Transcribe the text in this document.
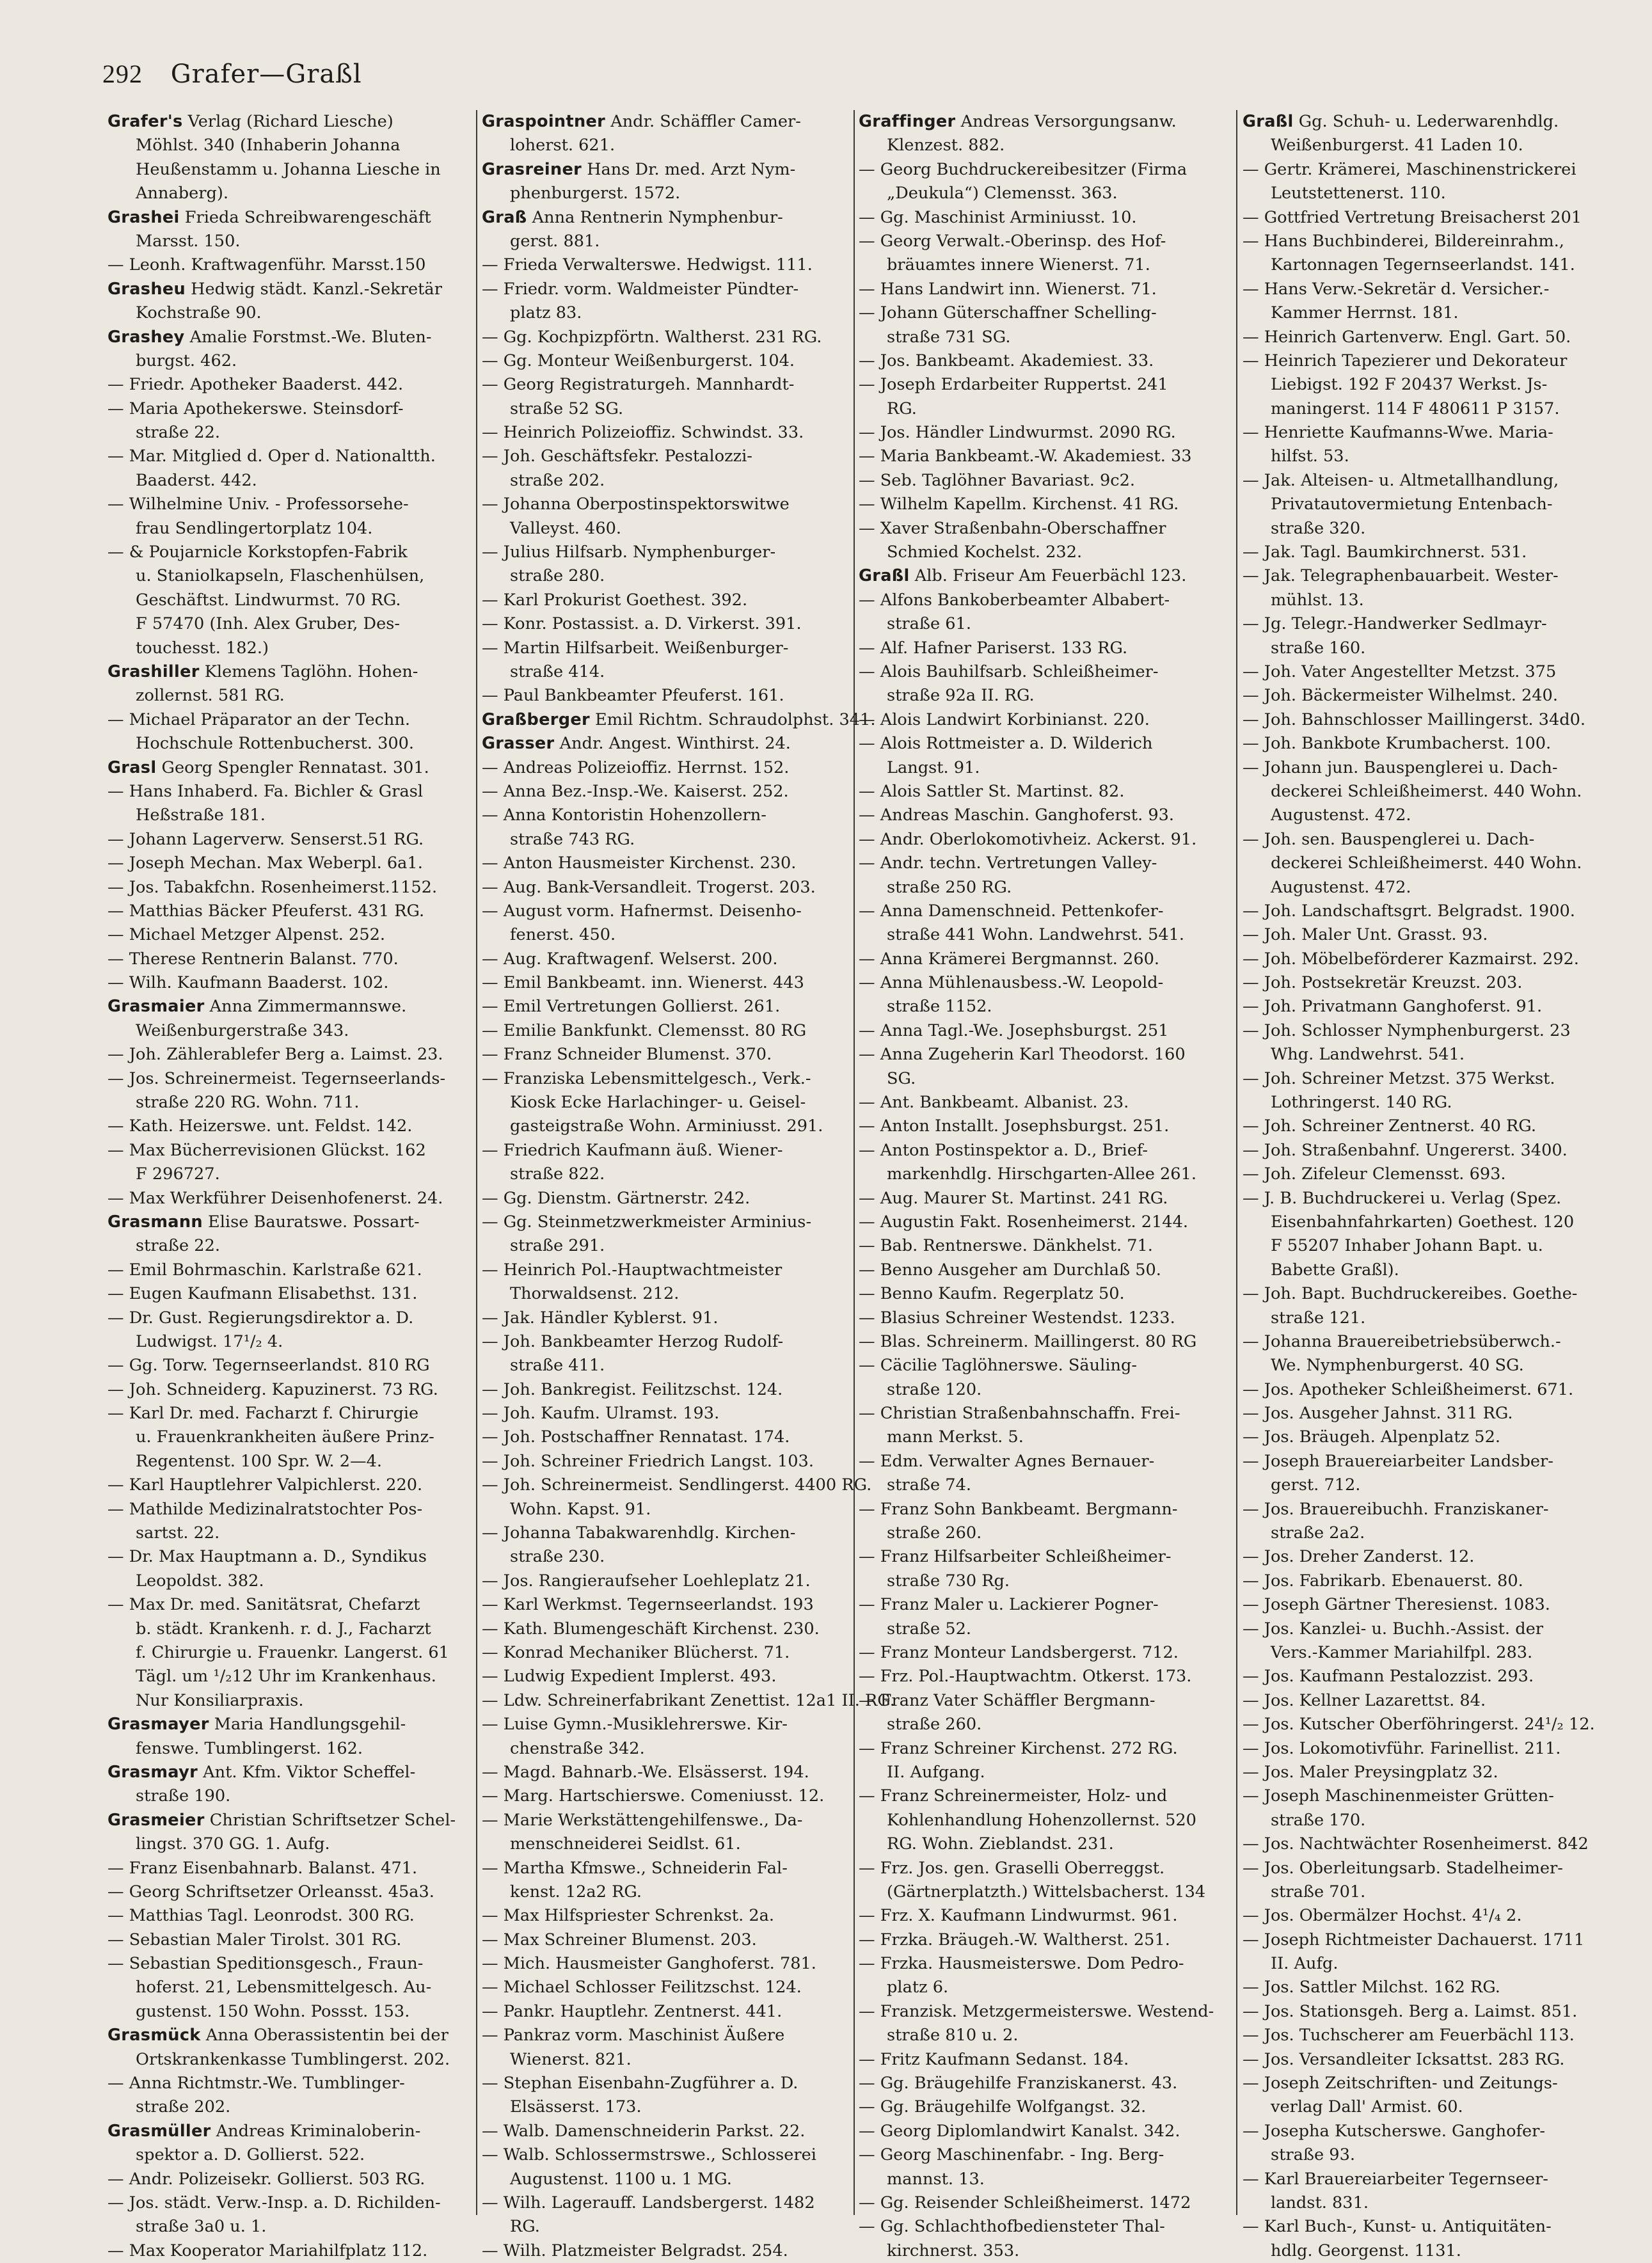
292 Grafer—Graßl
Grafer's Verlag (Richard Liesche)
Möhlst. 340 (Inhaberin Johanna
Heußenstamm u. Johanna Liesche in
Annaberg).
Grashei Frieda Schreibwarengeschäft
Marsst. 150.
— Leonh. Kraftwagenführ. Marsst.150
Grasheu Hedwig städt. Kanzl.-Sekretär
Kochstraße 90.
Grashey Amalie Forstmst.-We. Bluten-
burgst. 462.
— Friedr. Apotheker Baaderst. 442.
— Maria Apothekerswe. Steinsdorf-
straße 22.
— Mar. Mitglied d. Oper d. Nationaltth.
Baaderst. 442.
— Wilhelmine Univ. - Professorsehe-
frau Sendlingertorplatz 104.
— & Poujarnicle Korkstopfen-Fabrik
u. Staniolkapseln, Flaschenhülsen,
Geschäftst. Lindwurmst. 70 RG.
F 57470 (Inh. Alex Gruber, Des-
touchesst. 182.)
Grashiller Klemens Taglöhn. Hohen-
zollernst. 581 RG.
— Michael Präparator an der Techn.
Hochschule Rottenbucherst. 300.
Grasl Georg Spengler Rennatast. 301.
— Hans Inhaberd. Fa. Bichler & Grasl
Heßstraße 181.
— Johann Lagerverw. Senserst.51 RG.
— Joseph Mechan. Max Weberpl. 6a1.
— Jos. Tabakfchn. Rosenheimerst.1152.
— Matthias Bäcker Pfeuferst. 431 RG.
— Michael Metzger Alpenst. 252.
— Therese Rentnerin Balanst. 770.
— Wilh. Kaufmann Baaderst. 102.
Grasmaier Anna Zimmermannswe.
Weißenburgerstraße 343.
— Joh. Zählerablefer Berg a. Laimst. 23.
— Jos. Schreinermeist. Tegernseerlands-
straße 220 RG. Wohn. 711.
— Kath. Heizerswe. unt. Feldst. 142.
— Max Bücherrevisionen Glückst. 162
F 296727.
— Max Werkführer Deisenhofenerst. 24.
Grasmann Elise Bauratswe. Possart-
straße 22.
— Emil Bohrmaschin. Karlstraße 621.
— Eugen Kaufmann Elisabethst. 131.
— Dr. Gust. Regierungsdirektor a. D.
Ludwigst. 17¹/₂ 4.
— Gg. Torw. Tegernseerlandst. 810 RG
— Joh. Schneiderg. Kapuzinerst. 73 RG.
— Karl Dr. med. Facharzt f. Chirurgie
u. Frauenkrankheiten äußere Prinz-
Regentenst. 100 Spr. W. 2—4.
— Karl Hauptlehrer Valpichlerst. 220.
— Mathilde Medizinalratstochter Pos-
sartst. 22.
— Dr. Max Hauptmann a. D., Syndikus
Leopoldst. 382.
— Max Dr. med. Sanitätsrat, Chefarzt
b. städt. Krankenh. r. d. J., Facharzt
f. Chirurgie u. Frauenkr. Langerst. 61
Tägl. um ¹/₂12 Uhr im Krankenhaus.
Nur Konsiliarpraxis.
Grasmayer Maria Handlungsgehil-
fenswe. Tumblingerst. 162.
Grasmayr Ant. Kfm. Viktor Scheffel-
straße 190.
Grasmeier Christian Schriftsetzer Schel-
lingst. 370 GG. 1. Aufg.
— Franz Eisenbahnarb. Balanst. 471.
— Georg Schriftsetzer Orleansst. 45a3.
— Matthias Tagl. Leonrodst. 300 RG.
— Sebastian Maler Tirolst. 301 RG.
— Sebastian Speditionsgesch., Fraun-
hoferst. 21, Lebensmittelgesch. Au-
gustenst. 150 Wohn. Possst. 153.
Grasmück Anna Oberassistentin bei der
Ortskrankenkasse Tumblingerst. 202.
— Anna Richtmstr.-We. Tumblinger-
straße 202.
Grasmüller Andreas Kriminaloberin-
spektor a. D. Gollierst. 522.
— Andr. Polizeisekr. Gollierst. 503 RG.
— Jos. städt. Verw.-Insp. a. D. Richilden-
straße 3a0 u. 1.
— Max Kooperator Mariahilfplatz 112.
Graspointner Andr. Schäffler Camer-
loherst. 621.
Grasreiner Hans Dr. med. Arzt Nym-
phenburgerst. 1572.
Graß Anna Rentnerin Nymphenbur-
gerst. 881.
— Frieda Verwalterswe. Hedwigst. 111.
— Friedr. vorm. Waldmeister Pündter-
platz 83.
— Gg. Kochpizpförtn. Waltherst. 231 RG.
— Gg. Monteur Weißenburgerst. 104.
— Georg Registraturgeh. Mannhardt-
straße 52 SG.
— Heinrich Polizeioffiz. Schwindst. 33.
— Joh. Geschäftsfekr. Pestalozzi-
straße 202.
— Johanna Oberpostinspektorswitwe
Valleyst. 460.
— Julius Hilfsarb. Nymphenburger-
straße 280.
— Karl Prokurist Goethest. 392.
— Konr. Postassist. a. D. Virkerst. 391.
— Martin Hilfsarbeit. Weißenburger-
straße 414.
— Paul Bankbeamter Pfeuferst. 161.
Graßberger Emil Richtm. Schraudolphst. 341.
Grasser Andr. Angest. Winthirst. 24.
— Andreas Polizeioffiz. Herrnst. 152.
— Anna Bez.-Insp.-We. Kaiserst. 252.
— Anna Kontoristin Hohenzollern-
straße 743 RG.
— Anton Hausmeister Kirchenst. 230.
— Aug. Bank-Versandleit. Trogerst. 203.
— August vorm. Hafnermst. Deisenho-
fenerst. 450.
— Aug. Kraftwagenf. Welserst. 200.
— Emil Bankbeamt. inn. Wienerst. 443
— Emil Vertretungen Gollierst. 261.
— Emilie Bankfunkt. Clemensst. 80 RG
— Franz Schneider Blumenst. 370.
— Franziska Lebensmittelgesch., Verk.-
Kiosk Ecke Harlachinger- u. Geisel-
gasteigstraße Wohn. Arminiusst. 291.
— Friedrich Kaufmann äuß. Wiener-
straße 822.
— Gg. Dienstm. Gärtnerstr. 242.
— Gg. Steinmetzwerkmeister Arminius-
straße 291.
— Heinrich Pol.-Hauptwachtmeister
Thorwaldsenst. 212.
— Jak. Händler Kyblerst. 91.
— Joh. Bankbeamter Herzog Rudolf-
straße 411.
— Joh. Bankregist. Feilitzschst. 124.
— Joh. Kaufm. Ulramst. 193.
— Joh. Postschaffner Rennatast. 174.
— Joh. Schreiner Friedrich Langst. 103.
— Joh. Schreinermeist. Sendlingerst. 4400 RG.
Wohn. Kapst. 91.
— Johanna Tabakwarenhdlg. Kirchen-
straße 230.
— Jos. Rangieraufseher Loehleplatz 21.
— Karl Werkmst. Tegernseerlandst. 193
— Kath. Blumengeschäft Kirchenst. 230.
— Konrad Mechaniker Blücherst. 71.
— Ludwig Expedient Implerst. 493.
— Ldw. Schreinerfabrikant Zenettist. 12a1 II. RG.
— Luise Gymn.-Musiklehrerswe. Kir-
chenstraße 342.
— Magd. Bahnarb.-We. Elsässerst. 194.
— Marg. Hartschierswe. Comeniusst. 12.
— Marie Werkstättengehilfenswe., Da-
menschneiderei Seidlst. 61.
— Martha Kfmswe., Schneiderin Fal-
kenst. 12a2 RG.
— Max Hilfspriester Schrenkst. 2a.
— Max Schreiner Blumenst. 203.
— Mich. Hausmeister Ganghoferst. 781.
— Michael Schlosser Feilitzschst. 124.
— Pankr. Hauptlehr. Zentnerst. 441.
— Pankraz vorm. Maschinist Äußere
Wienerst. 821.
— Stephan Eisenbahn-Zugführer a. D.
Elsässerst. 173.
— Walb. Damenschneiderin Parkst. 22.
— Walb. Schlossermstrswe., Schlosserei
Augustenst. 1100 u. 1 MG.
— Wilh. Lagerauff. Landsbergerst. 1482
RG.
— Wilh. Platzmeister Belgradst. 254.
Graffinger Andreas Versorgungsanw.
Klenzest. 882.
— Georg Buchdruckereibesitzer (Firma
„Deukula“) Clemensst. 363.
— Gg. Maschinist Arminiusst. 10.
— Georg Verwalt.-Oberinsp. des Hof-
bräuamtes innere Wienerst. 71.
— Hans Landwirt inn. Wienerst. 71.
— Johann Güterschaffner Schelling-
straße 731 SG.
— Jos. Bankbeamt. Akademiest. 33.
— Joseph Erdarbeiter Ruppertst. 241
RG.
— Jos. Händler Lindwurmst. 2090 RG.
— Maria Bankbeamt.-W. Akademiest. 33
— Seb. Taglöhner Bavariast. 9c2.
— Wilhelm Kapellm. Kirchenst. 41 RG.
— Xaver Straßenbahn-Oberschaffner
Schmied Kochelst. 232.
Graßl Alb. Friseur Am Feuerbächl 123.
— Alfons Bankoberbeamter Albabert-
straße 61.
— Alf. Hafner Pariserst. 133 RG.
— Alois Bauhilfsarb. Schleißheimer-
straße 92a II. RG.
— Alois Landwirt Korbinianst. 220.
— Alois Rottmeister a. D. Wilderich
Langst. 91.
— Alois Sattler St. Martinst. 82.
— Andreas Maschin. Ganghoferst. 93.
— Andr. Oberlokomotivheiz. Ackerst. 91.
— Andr. techn. Vertretungen Valley-
straße 250 RG.
— Anna Damenschneid. Pettenkofer-
straße 441 Wohn. Landwehrst. 541.
— Anna Krämerei Bergmannst. 260.
— Anna Mühlenausbess.-W. Leopold-
straße 1152.
— Anna Tagl.-We. Josephsburgst. 251
— Anna Zugeherin Karl Theodorst. 160
SG.
— Ant. Bankbeamt. Albanist. 23.
— Anton Installt. Josephsburgst. 251.
— Anton Postinspektor a. D., Brief-
markenhdlg. Hirschgarten-Allee 261.
— Aug. Maurer St. Martinst. 241 RG.
— Augustin Fakt. Rosenheimerst. 2144.
— Bab. Rentnerswe. Dänkhelst. 71.
— Benno Ausgeher am Durchlaß 50.
— Benno Kaufm. Regerplatz 50.
— Blasius Schreiner Westendst. 1233.
— Blas. Schreinerm. Maillingerst. 80 RG
— Cäcilie Taglöhnerswe. Säuling-
straße 120.
— Christian Straßenbahnschaffn. Frei-
mann Merkst. 5.
— Edm. Verwalter Agnes Bernauer-
straße 74.
— Franz Sohn Bankbeamt. Bergmann-
straße 260.
— Franz Hilfsarbeiter Schleißheimer-
straße 730 Rg.
— Franz Maler u. Lackierer Pogner-
straße 52.
— Franz Monteur Landsbergerst. 712.
— Frz. Pol.-Hauptwachtm. Otkerst. 173.
— Franz Vater Schäffler Bergmann-
straße 260.
— Franz Schreiner Kirchenst. 272 RG.
II. Aufgang.
— Franz Schreinermeister, Holz- und
Kohlenhandlung Hohenzollernst. 520
RG. Wohn. Zieblandst. 231.
— Frz. Jos. gen. Graselli Oberreggst.
(Gärtnerplatzth.) Wittelsbacherst. 134
— Frz. X. Kaufmann Lindwurmst. 961.
— Frzka. Bräugeh.-W. Waltherst. 251.
— Frzka. Hausmeisterswe. Dom Pedro-
platz 6.
— Franzisk. Metzgermeisterswe. Westend-
straße 810 u. 2.
— Fritz Kaufmann Sedanst. 184.
— Gg. Bräugehilfe Franziskanerst. 43.
— Gg. Bräugehilfe Wolfgangst. 32.
— Georg Diplomlandwirt Kanalst. 342.
— Georg Maschinenfabr. - Ing. Berg-
mannst. 13.
— Gg. Reisender Schleißheimerst. 1472
— Gg. Schlachthofbediensteter Thal-
kirchnerst. 353.
Graßl Gg. Schuh- u. Lederwarenhdlg.
Weißenburgerst. 41 Laden 10.
— Gertr. Krämerei, Maschinenstrickerei
Leutstettenerst. 110.
— Gottfried Vertretung Breisacherst 201
— Hans Buchbinderei, Bildereinrahm.,
Kartonnagen Tegernseerlandst. 141.
— Hans Verw.-Sekretär d. Versicher.-
Kammer Herrnst. 181.
— Heinrich Gartenverw. Engl. Gart. 50.
— Heinrich Tapezierer und Dekorateur
Liebigst. 192 F 20437 Werkst. Js-
maningerst. 114 F 480611 P 3157.
— Henriette Kaufmanns-Wwe. Maria-
hilfst. 53.
— Jak. Alteisen- u. Altmetallhandlung,
Privatautovermietung Entenbach-
straße 320.
— Jak. Tagl. Baumkirchnerst. 531.
— Jak. Telegraphenbauarbeit. Wester-
mühlst. 13.
— Jg. Telegr.-Handwerker Sedlmayr-
straße 160.
— Joh. Vater Angestellter Metzst. 375
— Joh. Bäckermeister Wilhelmst. 240.
— Joh. Bahnschlosser Maillingerst. 34d0.
— Joh. Bankbote Krumbacherst. 100.
— Johann jun. Bauspenglerei u. Dach-
deckerei Schleißheimerst. 440 Wohn.
Augustenst. 472.
— Joh. sen. Bauspenglerei u. Dach-
deckerei Schleißheimerst. 440 Wohn.
Augustenst. 472.
— Joh. Landschaftsgrt. Belgradst. 1900.
— Joh. Maler Unt. Grasst. 93.
— Joh. Möbelbeförderer Kazmairst. 292.
— Joh. Postsekretär Kreuzst. 203.
— Joh. Privatmann Ganghoferst. 91.
— Joh. Schlosser Nymphenburgerst. 23
Whg. Landwehrst. 541.
— Joh. Schreiner Metzst. 375 Werkst.
Lothringerst. 140 RG.
— Joh. Schreiner Zentnerst. 40 RG.
— Joh. Straßenbahnf. Ungererst. 3400.
— Joh. Zifeleur Clemensst. 693.
— J. B. Buchdruckerei u. Verlag (Spez.
Eisenbahnfahrkarten) Goethest. 120
F 55207 Inhaber Johann Bapt. u.
Babette Graßl).
— Joh. Bapt. Buchdruckereibes. Goethe-
straße 121.
— Johanna Brauereibetriebsüberwch.-
We. Nymphenburgerst. 40 SG.
— Jos. Apotheker Schleißheimerst. 671.
— Jos. Ausgeher Jahnst. 311 RG.
— Jos. Bräugeh. Alpenplatz 52.
— Joseph Brauereiarbeiter Landsber-
gerst. 712.
— Jos. Brauereibuchh. Franziskaner-
straße 2a2.
— Jos. Dreher Zanderst. 12.
— Jos. Fabrikarb. Ebenauerst. 80.
— Joseph Gärtner Theresienst. 1083.
— Jos. Kanzlei- u. Buchh.-Assist. der
Vers.-Kammer Mariahilfpl. 283.
— Jos. Kaufmann Pestalozzist. 293.
— Jos. Kellner Lazarettst. 84.
— Jos. Kutscher Oberföhringerst. 24¹/₂ 12.
— Jos. Lokomotivführ. Farinellist. 211.
— Jos. Maler Preysingplatz 32.
— Joseph Maschinenmeister Grütten-
straße 170.
— Jos. Nachtwächter Rosenheimerst. 842
— Jos. Oberleitungsarb. Stadelheimer-
straße 701.
— Jos. Obermälzer Hochst. 4¹/₄ 2.
— Joseph Richtmeister Dachauerst. 1711
II. Aufg.
— Jos. Sattler Milchst. 162 RG.
— Jos. Stationsgeh. Berg a. Laimst. 851.
— Jos. Tuchscherer am Feuerbächl 113.
— Jos. Versandleiter Icksattst. 283 RG.
— Joseph Zeitschriften- und Zeitungs-
verlag Dall' Armist. 60.
— Josepha Kutscherswe. Ganghofer-
straße 93.
— Karl Brauereiarbeiter Tegernseer-
landst. 831.
— Karl Buch-, Kunst- u. Antiquitäten-
hdlg. Georgenst. 1131.
